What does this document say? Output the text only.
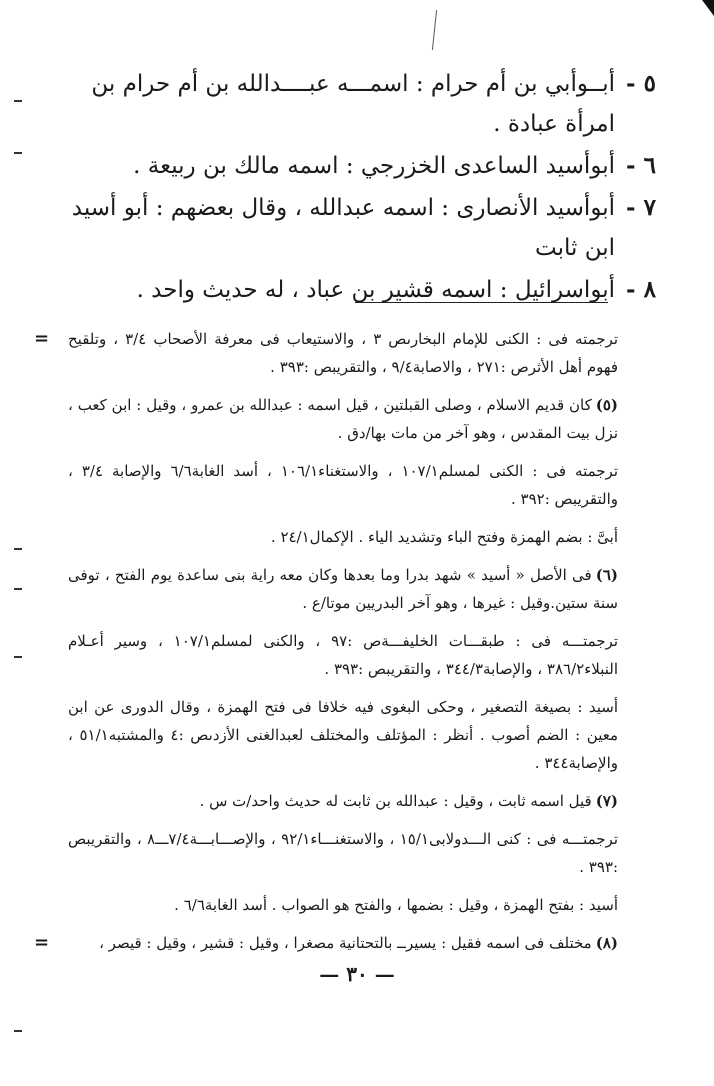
٥ -
أبــوأبي بن أم حرام : اسمـــه عبــــدالله بن أم حرام بن امرأة عبادة .
٦ -
أبوأسيد الساعدى الخزرجي : اسمه مالك بن ربيعة .
٧ -
أبوأسيد الأنصارى : اسمه عبدالله ، وقال بعضهم : أبو أسيد ابن ثابت
٨ -
أبواسرائيل : اسمه قشير بن عباد ، له حديث واحد .
= ترجمته فى : الكنى للإمام البخارىص ٣ ، والاستيعاب فى معرفة الأصحاب ٣/٤ ، وتلقيح فهوم أهل الأثرص :٢٧١ ، والاصابة٩/٤ ، والتقريبص :٣٩٣ .
(٥)كان قديم الاسلام ، وصلى القبلتين ، قيل اسمه : عبدالله بن عمرو ، وقيل : ابن كعب ، نزل بيت المقدس ، وهو آخر من مات بها/دق .
ترجمته فى : الكنى لمسلم١٠٧/١ ، والاستغناء١٠٦/١ ، أسد الغابة٦/٦ والإصابة ٣/٤ ، والتقريبص :٣٩٢ .
أبىَّ : بضم الهمزة وفتح الباء وتشديد الياء . الإكمال٢٤/١ .
(٦)فى الأصل « أسيد » شهد بدرا وما بعدها وكان معه راية بنى ساعدة يوم الفتح ، توفى سنة ستين.وقيل : غيرها ، وهو آخر البدريين موتا/ع .
ترجمتـــه فى : طبقـــات الخليفـــةص :٩٧ ، والكنى لمسلم١٠٧/١ ، وسير أعـلام النبلاء٣٨٦/٢ ، والإصابة٣٤٤/٣ ، والتقريبص :٣٩٣ .
أسيد : بصيغة التصغير ، وحكى البغوى فيه خلافا فى فتح الهمزة ، وقال الدورى عن ابن معين : الضم أصوب . أنظر : المؤتلف والمختلف لعبدالغنى الأزدىص :٤ والمشتبه٥١/١ ، والإصابة٣٤٤ .
(٧)قيل اسمه ثابت ، وقيل : عبدالله بن ثابت له حديث واحد/ت س .
ترجمتـــه فى : كنى الـــدولابى١٥/١ ، والاستغنـــاء٩٢/١ ، والإصـــابـــة٧/٤ـــ٨ ، والتقريبص :٣٩٣ .
أسيد : بفتح الهمزة ، وقيل : بضمها ، والفتح هو الصواب . أسد الغابة٦/٦ .
=	(٨)مختلف فى اسمه فقيل : يسيرــ بالتحتانية مصغرا ، وقيل : قشير ، وقيل : قيصر ،
— ٣٠ —
